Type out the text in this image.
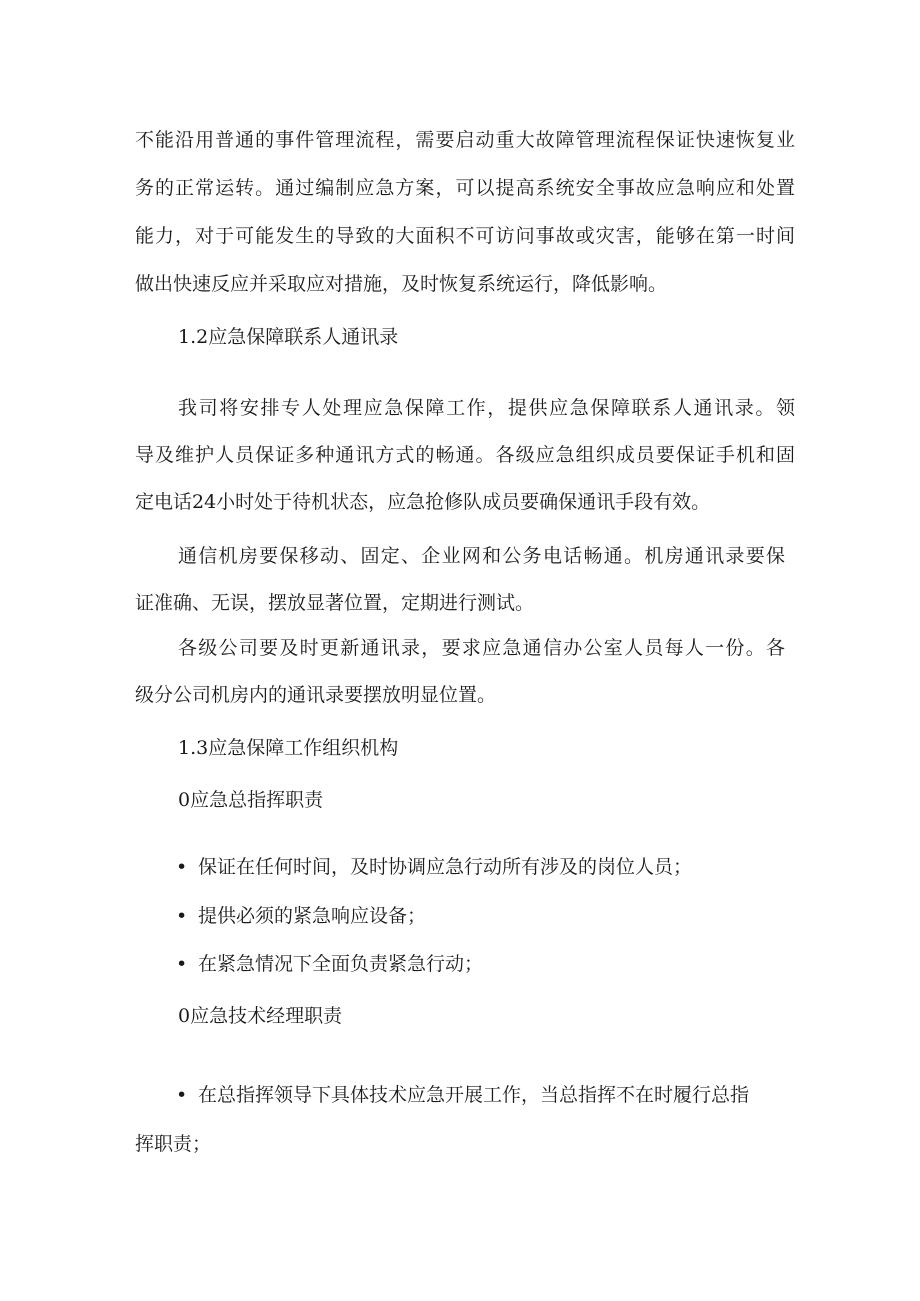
不能沿用普通的事件管理流程，需要启动重大故障管理流程保证快速恢复业
务的正常运转。通过编制应急方案，可以提高系统安全事故应急响应和处置
能力，对于可能发生的导致的大面积不可访问事故或灾害，能够在第一时间
做出快速反应并采取应对措施，及时恢复系统运行，降低影响。
1.2应急保障联系人通讯录
我司将安排专人处理应急保障工作，提供应急保障联系人通讯录。领
导及维护人员保证多种通讯方式的畅通。各级应急组织成员要保证手机和固
定电话24小时处于待机状态，应急抢修队成员要确保通讯手段有效。
通信机房要保移动、固定、企业网和公务电话畅通。机房通讯录要保
证准确、无误，摆放显著位置，定期进行测试。
各级公司要及时更新通讯录，要求应急通信办公室人员每人一份。各
级分公司机房内的通讯录要摆放明显位置。
1.3应急保障工作组织机构
0应急总指挥职责
• 保证在任何时间，及时协调应急行动所有涉及的岗位人员；
• 提供必须的紧急响应设备；
• 在紧急情况下全面负责紧急行动；
0应急技术经理职责
• 在总指挥领导下具体技术应急开展工作，当总指挥不在时履行总指
挥职责；
